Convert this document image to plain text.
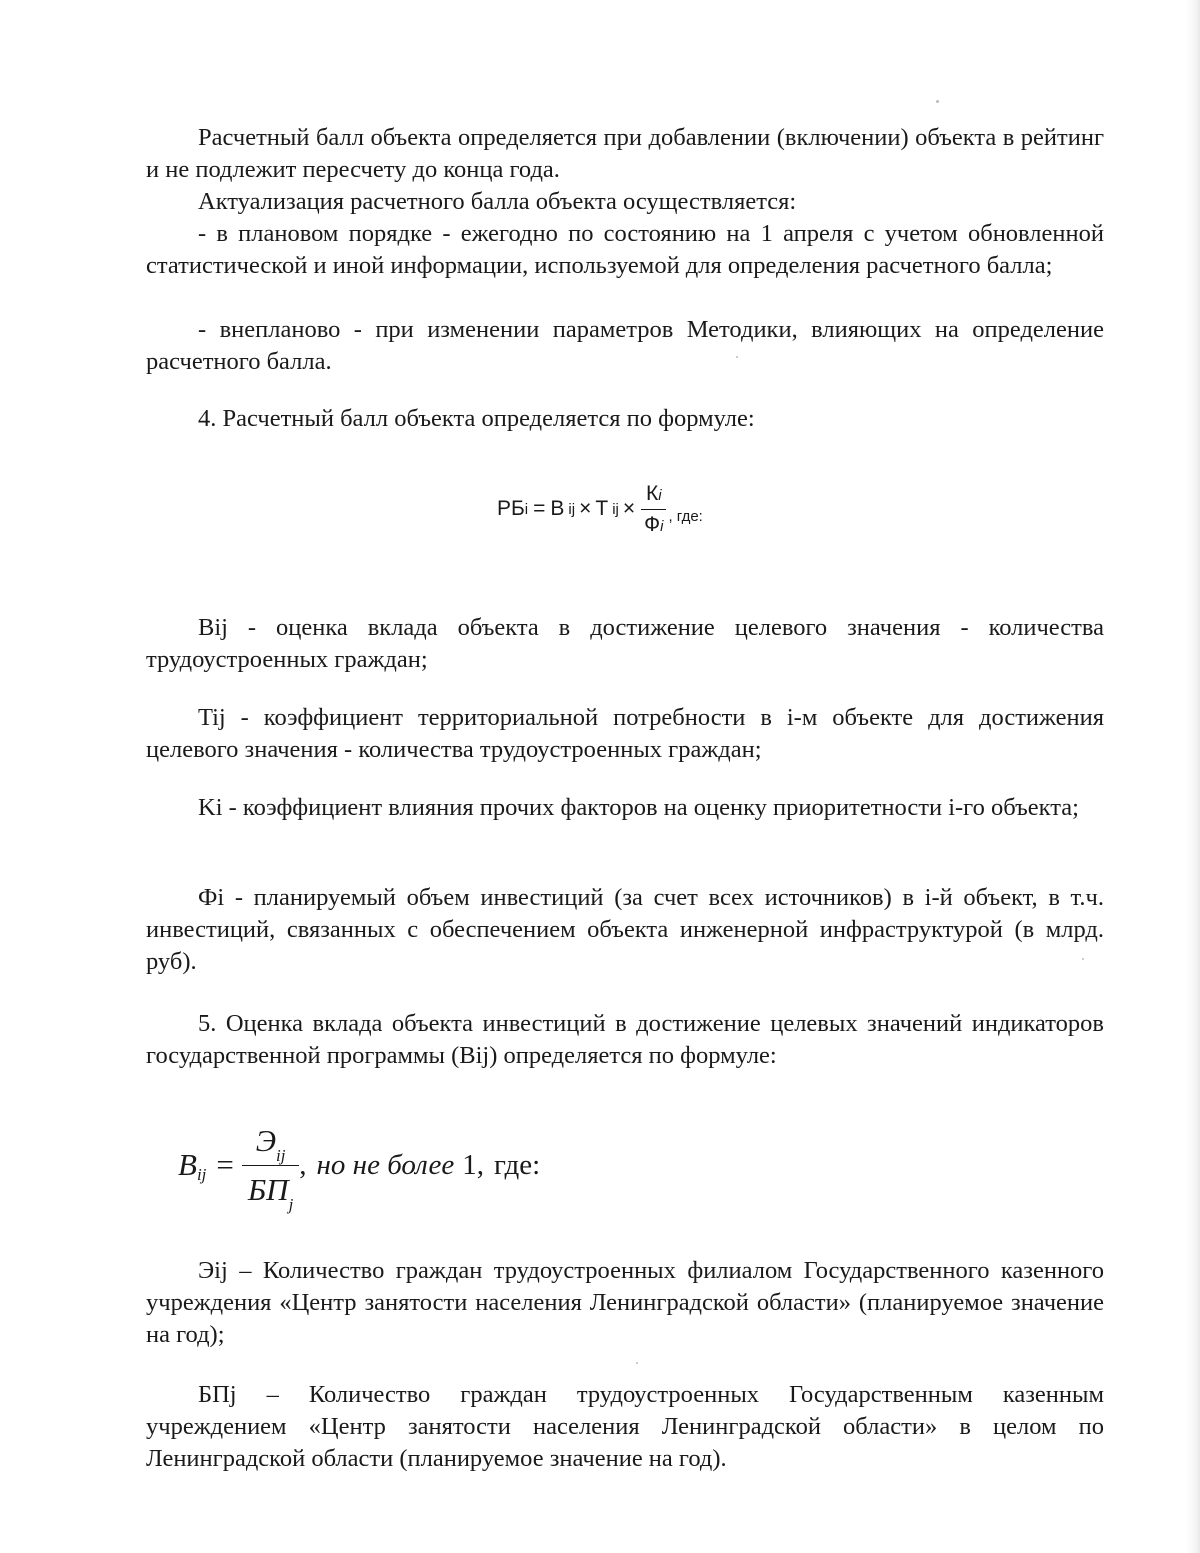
Расчетный балл объекта определяется при добавлении (включении) объекта в рейтинг и не подлежит пересчету до конца года.

Актуализация расчетного балла объекта осуществляется:

- в плановом порядке - ежегодно по состоянию на 1 апреля с учетом обновленной статистической и иной информации, используемой для определения расчетного балла;

- внепланово - при изменении параметров Методики, влияющих на определение расчетного балла.

4. Расчетный балл объекта определяется по формуле:

РБ i = B ij × T ij × $\frac{Кi}{Фi}$ , где:

Bij - оценка вклада объекта в достижение целевого значения - количества трудоустроенных граждан;

Tij - коэффициент территориальной потребности в i-м объекте для достижения целевого значения - количества трудоустроенных граждан;

Ki - коэффициент влияния прочих факторов на оценку приоритетности i-го объекта;

Фi - планируемый объем инвестиций (за счет всех источников) в i-й объект, в т.ч. инвестиций, связанных с обеспечением объекта инженерной инфраструктурой (в млрд. руб).

5. Оценка вклада объекта инвестиций в достижение целевых значений индикаторов государственной программы (Bij) определяется по формуле:

B ij = $\frac{\text{Эij}}{\text{БПj}}$ , но не более 1, где:

Эij – Количество граждан трудоустроенных филиалом Государственного казенного учреждения «Центр занятости населения Ленинградской области» (планируемое значение на год);

БПj – Количество граждан трудоустроенных Государственным казенным учреждением «Центр занятости населения Ленинградской области» в целом по Ленинградской области (планируемое значение на год).
